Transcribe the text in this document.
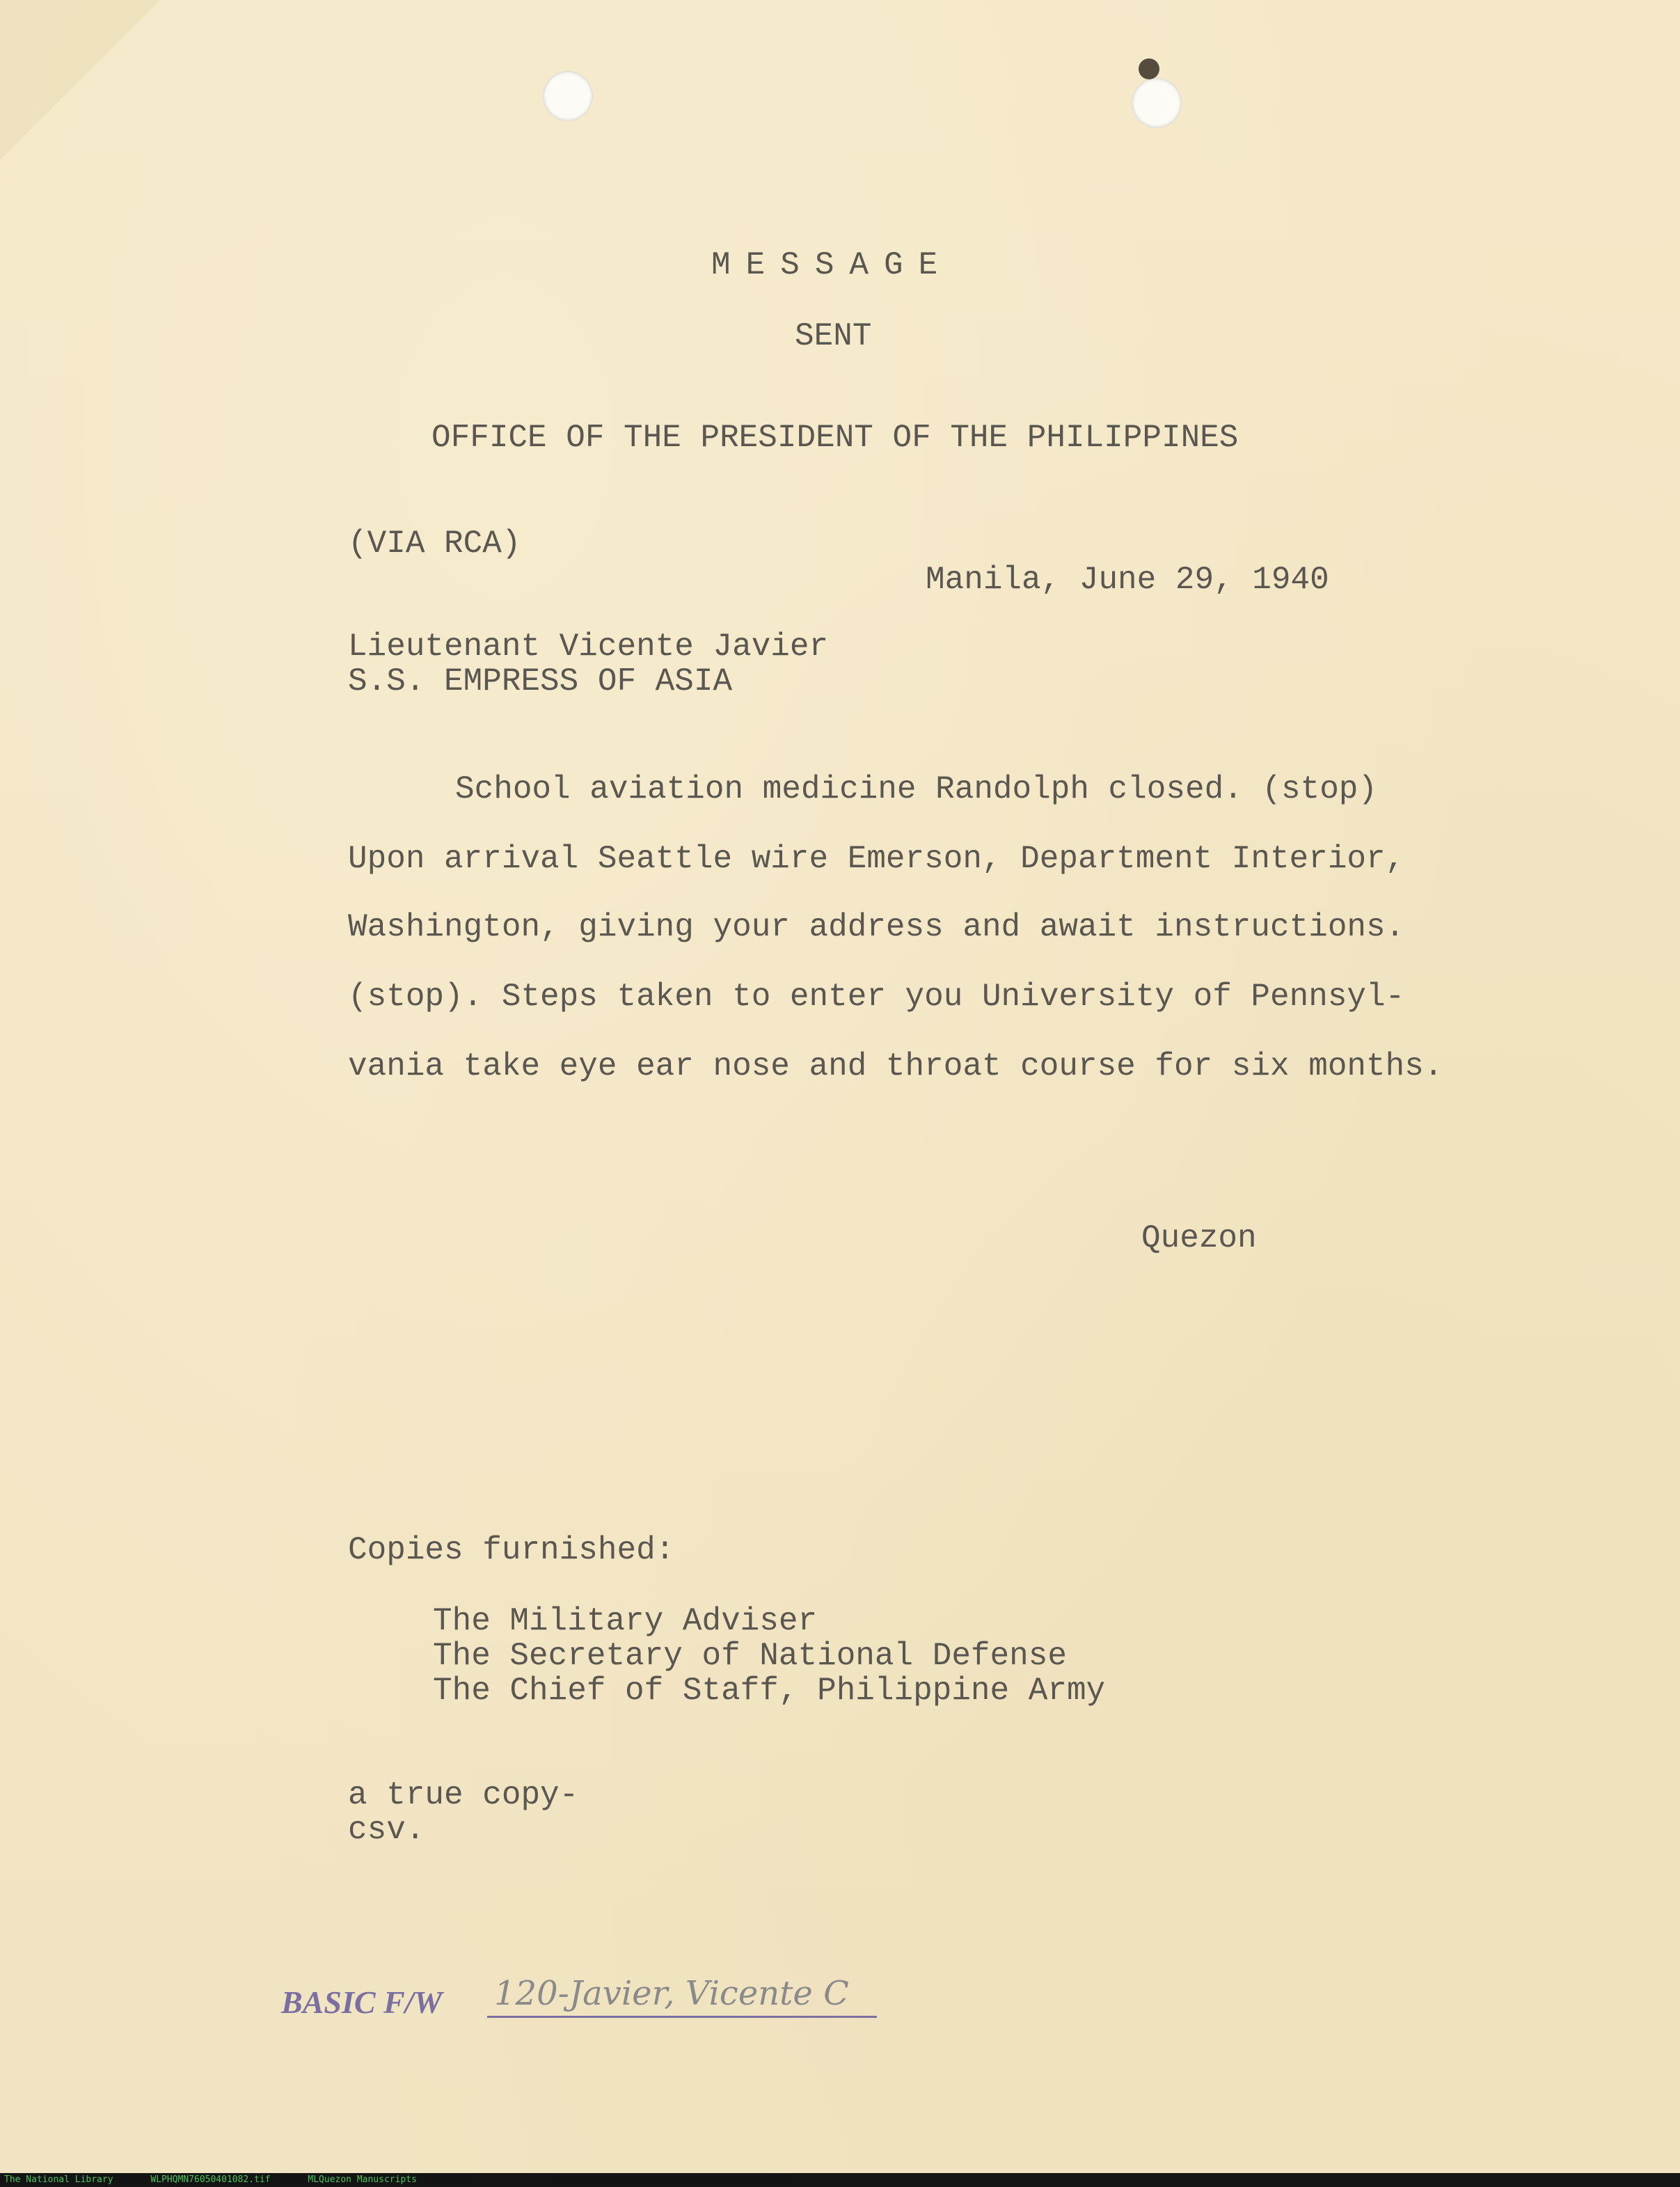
MESSAGE
SENT
OFFICE OF THE PRESIDENT OF THE PHILIPPINES
(VIA RCA)
Manila, June 29, 1940
Lieutenant Vicente Javier
S.S. EMPRESS OF ASIA
School aviation medicine Randolph closed. (stop)
Upon arrival Seattle wire Emerson, Department Interior,
Washington, giving your address and await instructions.
(stop). Steps taken to enter you University of Pennsyl-
vania take eye ear nose and throat course for six months.
Quezon
Copies furnished:
The Military Adviser
The Secretary of National Defense
The Chief of Staff, Philippine Army
a true copy-
csv.
BASIC F/W 120-Javier, Vicente C
The National Library	WLPHQMN76050401082.tif	MLQuezon Manuscripts
